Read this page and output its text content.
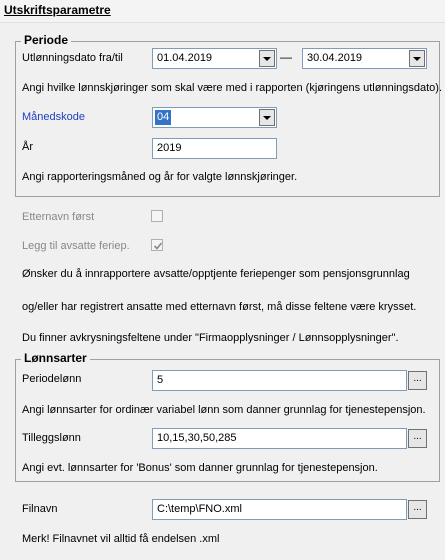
Utskriftsparametre
Periode
Utlønningsdato fra/til	01.04.2019	—	30.04.2019
Angi hvilke lønnskjøringer som skal være med i rapporten (kjøringens utlønningsdato).
Månedskode	04
År	2019
Angi rapporteringsmåned og år for valgte lønnskjøringer.
Etternavn først
Legg til avsatte feriep.
Ønsker du å innrapportere avsatte/opptjente feriepenger som pensjonsgrunnlag
og/eller har registrert ansatte med etternavn først, må disse feltene være krysset.
Du finner avkrysningsfeltene under "Firmaopplysninger / Lønnsopplysninger".
Lønnsarter
Periodelønn	5	...
Angi lønnsarter for ordinær variabel lønn som danner grunnlag for tjenestepensjon.
Tilleggslønn	10,15,30,50,285	...
Angi evt. lønnsarter for 'Bonus' som danner grunnlag for tjenestepensjon.
Filnavn	C:\temp\FNO.xml	...
Merk! Filnavnet vil alltid få endelsen .xml
